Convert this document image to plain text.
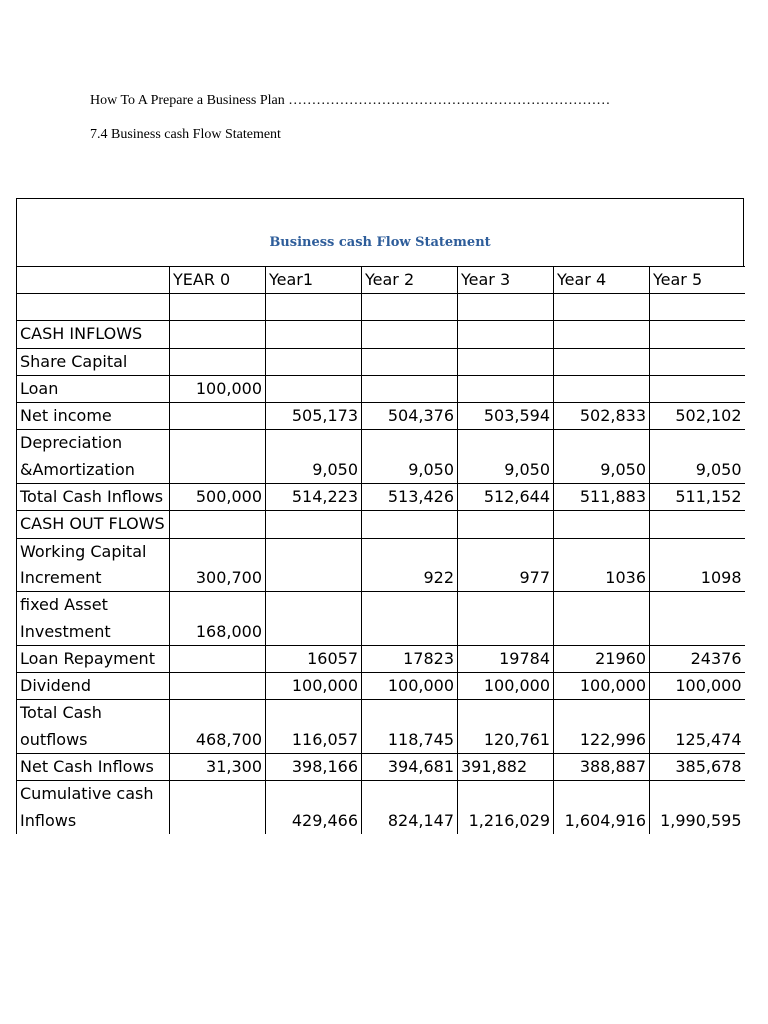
How To A Prepare a Business Plan ……………………………………………………………
7.4 Business cash Flow Statement
Business cash Flow Statement
	YEAR 0	Year1	Year 2	Year 3	Year 4	Year 5

CASH INFLOWS						
Share Capital						
Loan	100,000					
Net income		505,173	504,376	503,594	502,833	502,102
Depreciation &Amortization		9,050	9,050	9,050	9,050	9,050
Total Cash Inflows	500,000	514,223	513,426	512,644	511,883	511,152
CASH OUT FLOWS						
Working Capital Increment	300,700		922	977	1036	1098
fixed Asset Investment	168,000					
Loan Repayment		16057	17823	19784	21960	24376
Dividend		100,000	100,000	100,000	100,000	100,000
Total Cash outflows	468,700	116,057	118,745	120,761	122,996	125,474
Net Cash Inflows	31,300	398,166	394,681	391,882	388,887	385,678
Cumulative cash Inflows		429,466	824,147	1,216,029	1,604,916	1,990,595
